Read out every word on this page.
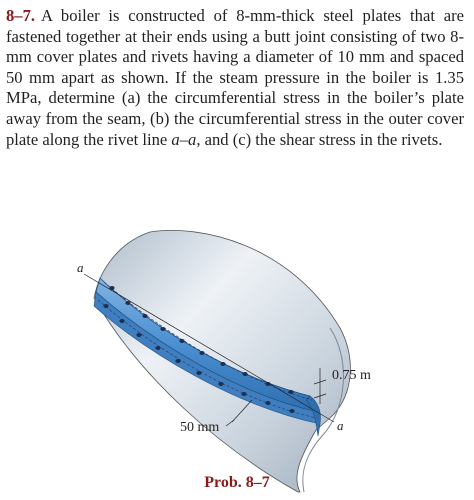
8–7. A boiler is constructed of 8-mm-thick steel plates that are fastened together at their ends using a butt joint consisting of two 8-mm cover plates and rivets having a diameter of 10 mm and spaced 50 mm apart as shown. If the steam pressure in the boiler is 1.35 MPa, determine (a) the circumferential stress in the boiler’s plate away from the seam, (b) the circumferential stress in the outer cover plate along the rivet line a–a, and (c) the shear stress in the rivets.
a
50 mm
0.75 m
a
Prob. 8–7
